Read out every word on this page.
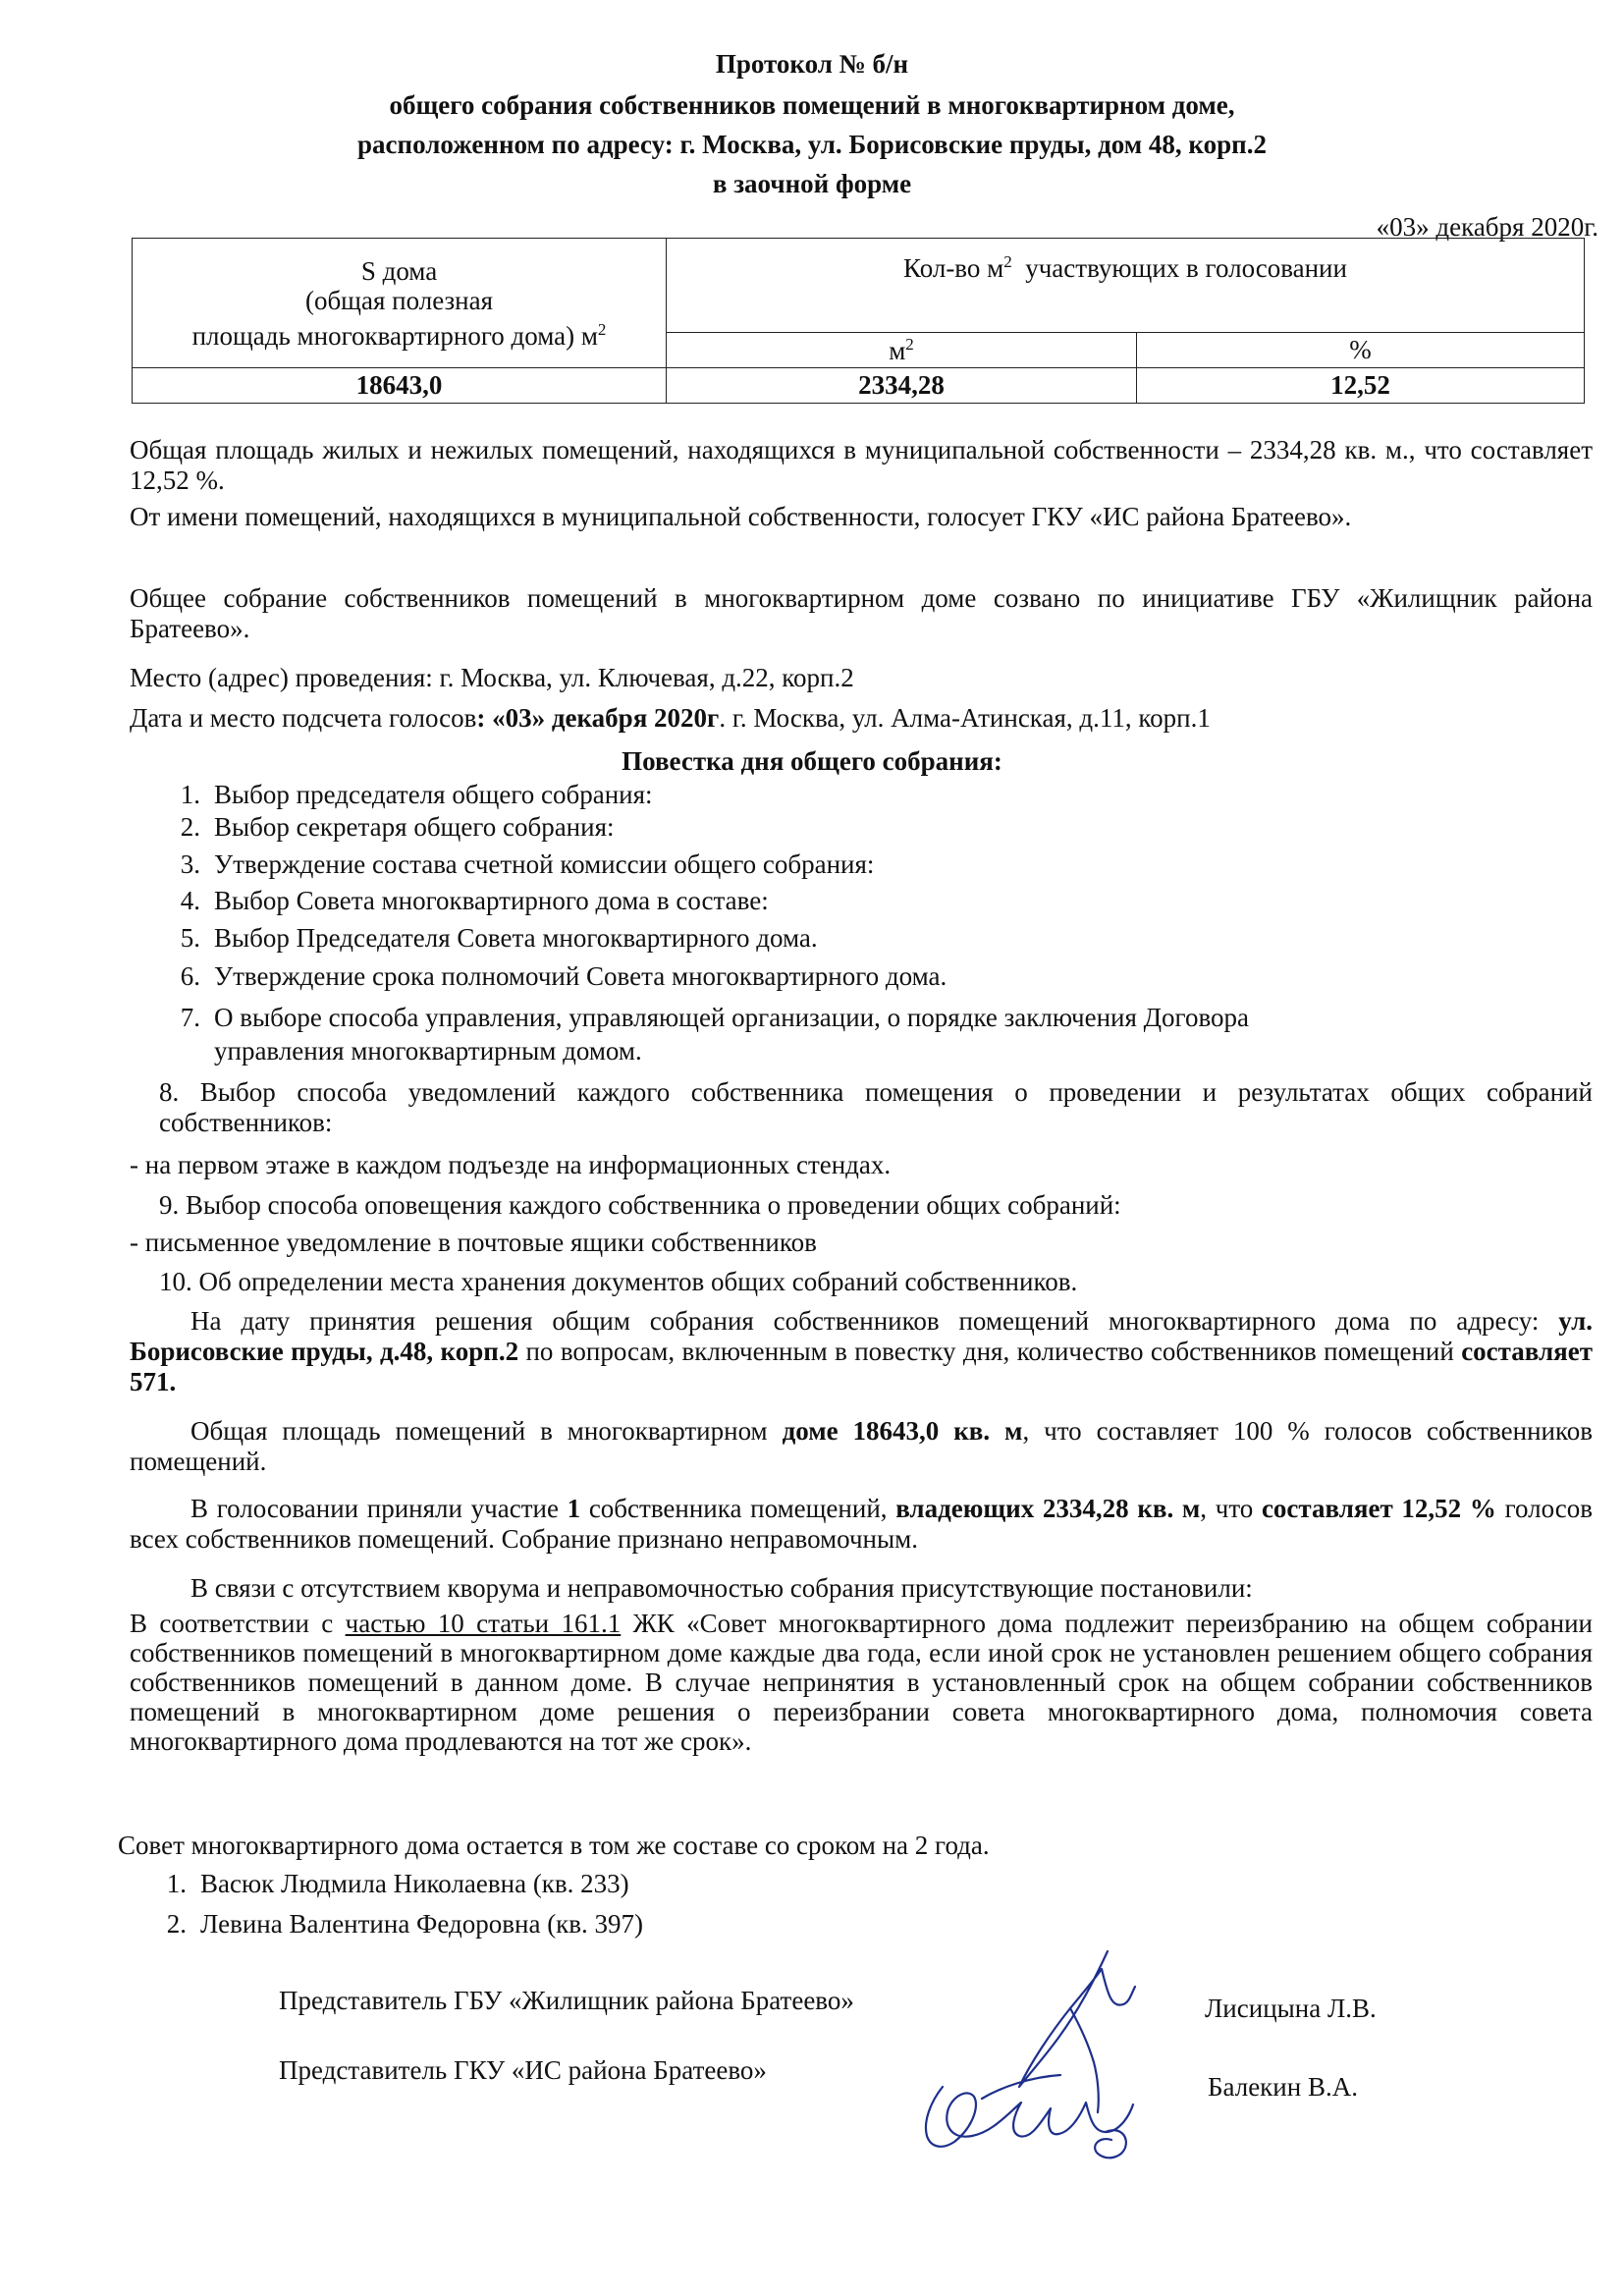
Протокол № б/н
общего собрания собственников помещений в многоквартирном доме,
расположенном по адресу: г. Москва, ул. Борисовские пруды, дом 48, корп.2
в заочной форме
«03» декабря 2020г.
S дома
(общая полезная
площадь многоквартирного дома) $м^2$	Кол-во $м^2$ участвующих в голосовании	
	$м^2$	%
18643,0	2334,28	12,52
Общая площадь жилых и нежилых помещений, находящихся в муниципальной собственности – 2334,28 кв. м., что составляет 12,52 %.
От имени помещений, находящихся в муниципальной собственности, голосует ГКУ «ИС района Братеево».
Общее собрание собственников помещений в многоквартирном доме созвано по инициативе ГБУ «Жилищник района Братеево».
Место (адрес) проведения: г. Москва, ул. Ключевая, д.22, корп.2
Дата и место подсчета голосов: «03» декабря 2020г. г. Москва, ул. Алма-Атинская, д.11, корп.1
Повестка дня общего собрания:
1. Выбор председателя общего собрания:
2. Выбор секретаря общего собрания:
3. Утверждение состава счетной комиссии общего собрания:
4. Выбор Совета многоквартирного дома в составе:
5. Выбор Председателя Совета многоквартирного дома.
6. Утверждение срока полномочий Совета многоквартирного дома.
7. О выборе способа управления, управляющей организации, о порядке заключения Договора
управления многоквартирным домом.
8. Выбор способа уведомлений каждого собственника помещения о проведении и результатах общих собраний собственников:
- на первом этаже в каждом подъезде на информационных стендах.
9. Выбор способа оповещения каждого собственника о проведении общих собраний:
- письменное уведомление в почтовые ящики собственников
10. Об определении места хранения документов общих собраний собственников.
На дату принятия решения общим собрания собственников помещений многоквартирного дома по адресу: ул. Борисовские пруды, д.48, корп.2 по вопросам, включенным в повестку дня, количество собственников помещений составляет 571.
Общая площадь помещений в многоквартирном доме 18643,0 кв. м, что составляет 100 % голосов собственников помещений.
В голосовании приняли участие 1 собственника помещений, владеющих 2334,28 кв. м, что составляет 12,52 % голосов всех собственников помещений. Собрание признано неправомочным.
В связи с отсутствием кворума и неправомочностью собрания присутствующие постановили:
В соответствии с частью 10 статьи 161.1 ЖК «Совет многоквартирного дома подлежит переизбранию на общем собрании собственников помещений в многоквартирном доме каждые два года, если иной срок не установлен решением общего собрания собственников помещений в данном доме. В случае непринятия в установленный срок на общем собрании собственников помещений в многоквартирном доме решения о переизбрании совета многоквартирного дома, полномочия совета многоквартирного дома продлеваются на тот же срок».
Совет многоквартирного дома остается в том же составе со сроком на 2 года.
1. Васюк Людмила Николаевна (кв. 233)
2. Левина Валентина Федоровна (кв. 397)
Представитель ГБУ «Жилищник района Братеево»	Лисицына Л.В.
Представитель ГКУ «ИС района Братеево»
Балекин В.А.
